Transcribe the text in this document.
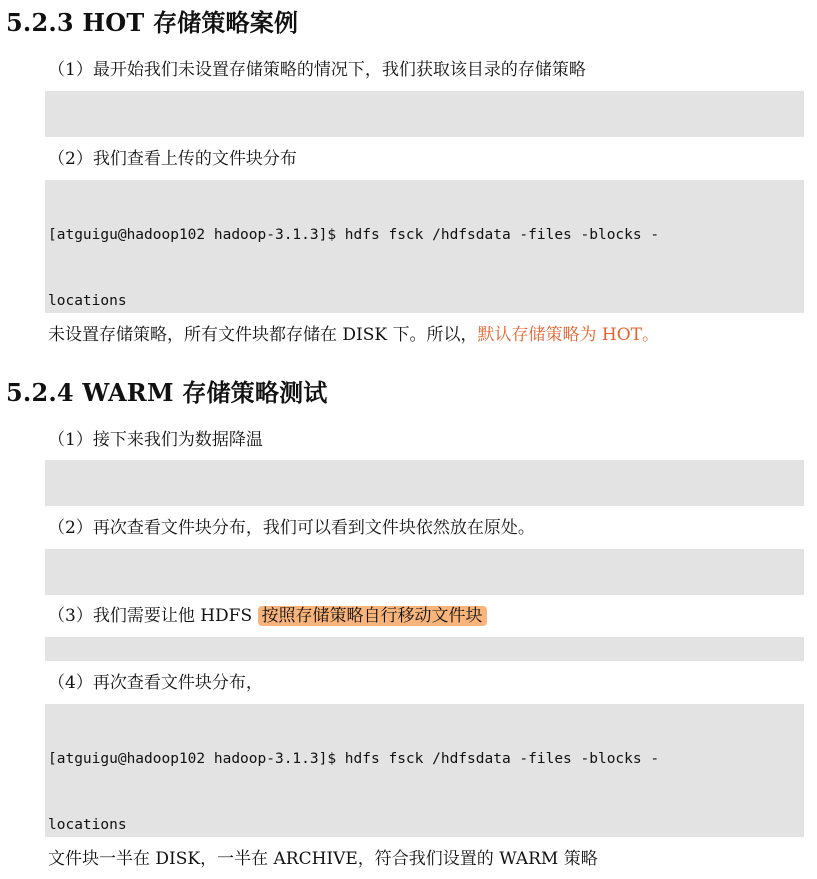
5.2.3 HOT 存储策略案例

（1）最开始我们未设置存储策略的情况下，我们获取该目录的存储策略

（2）我们查看上传的文件块分布

[atguigu@hadoop102 hadoop-3.1.3]$ hdfs fsck /hdfsdata -files -blocks -

locations

未设置存储策略，所有文件块都存储在 DISK 下。所以，默认存储策略为 HOT。

5.2.4 WARM 存储策略测试

（1）接下来我们为数据降温

（2）再次查看文件块分布，我们可以看到文件块依然放在原处。

（3）我们需要让他 HDFS 按照存储策略自行移动文件块

（4）再次查看文件块分布，

[atguigu@hadoop102 hadoop-3.1.3]$ hdfs fsck /hdfsdata -files -blocks -

locations

文件块一半在 DISK，一半在 ARCHIVE，符合我们设置的 WARM 策略
